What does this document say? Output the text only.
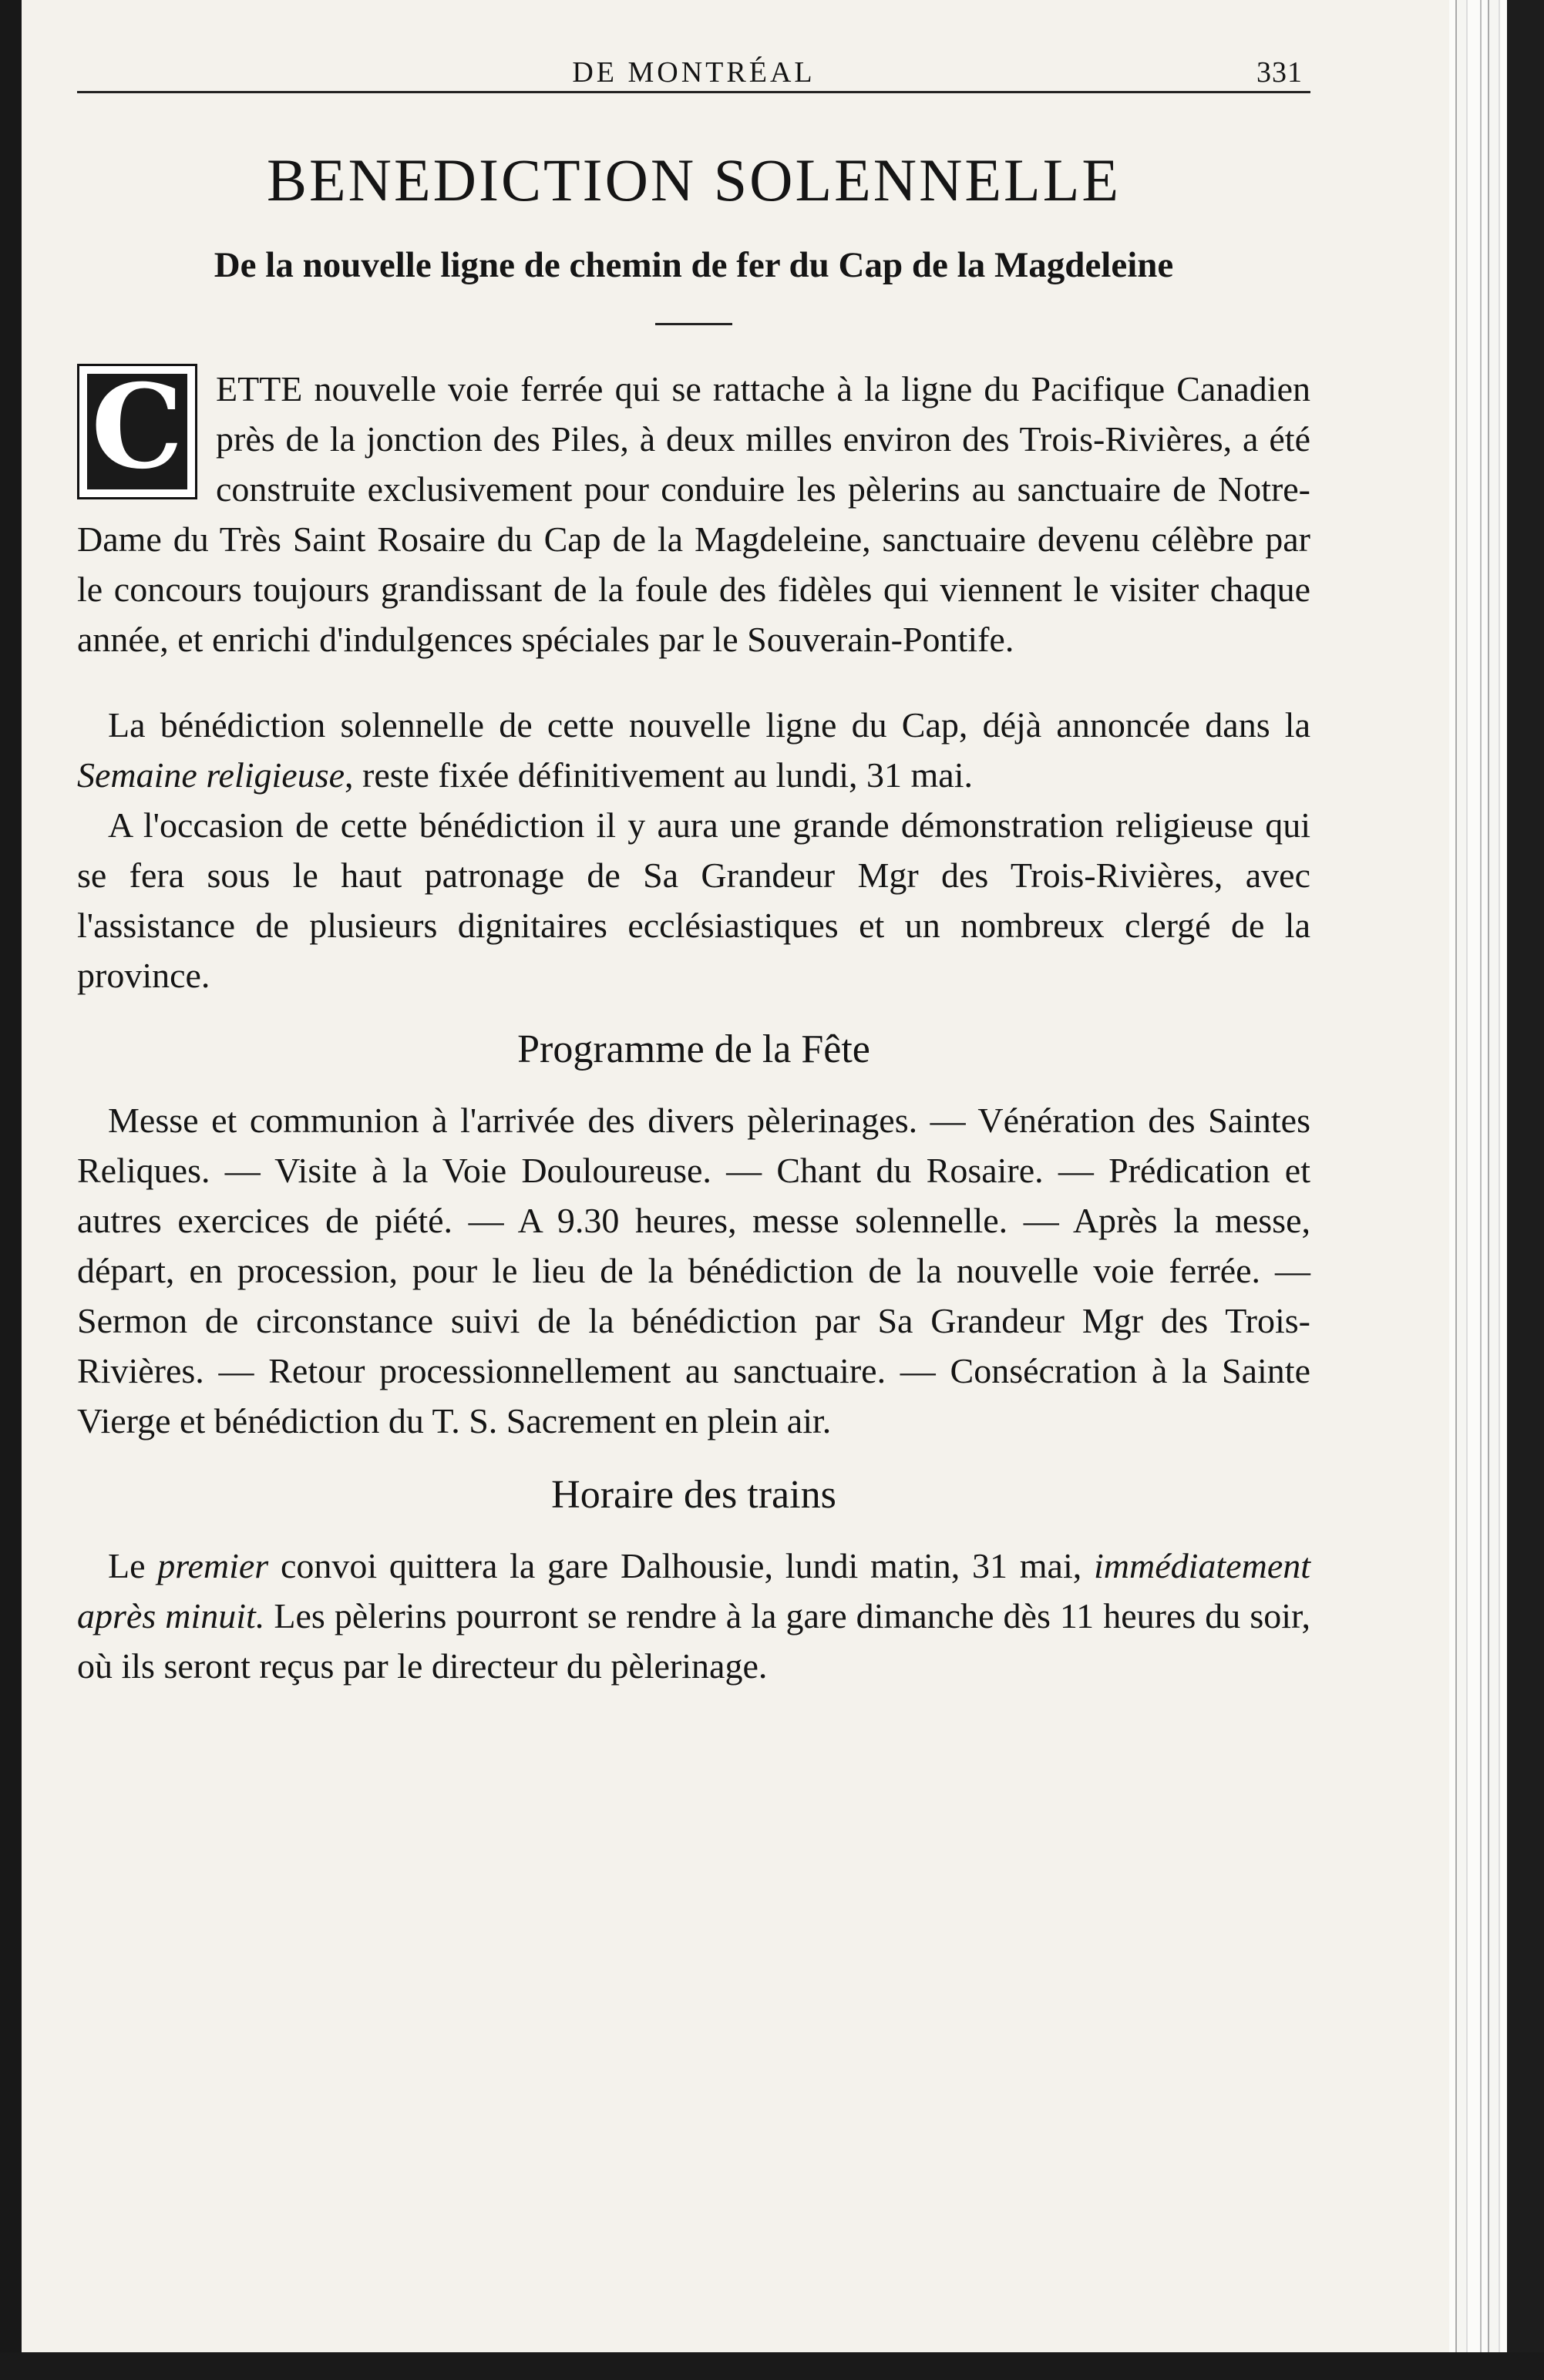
DE MONTRÉAL	331
BENEDICTION SOLENNELLE
De la nouvelle ligne de chemin de fer du Cap de la Magdeleine

C ETTE nouvelle voie ferrée qui se rattache à la ligne du Pacifique Canadien près de la jonction des Piles, à deux milles environ des Trois-Rivières, a été construite exclusivement pour conduire les pèlerins au sanctuaire de Notre-Dame du Très Saint Rosaire du Cap de la Magdeleine, sanctuaire devenu célèbre par le concours toujours grandissant de la foule des fidèles qui viennent le visiter chaque année, et enrichi d'indulgences spéciales par le Souverain-Pontife.

La bénédiction solennelle de cette nouvelle ligne du Cap, déjà annoncée dans la Semaine religieuse, reste fixée définitivement au lundi, 31 mai.

A l'occasion de cette bénédiction il y aura une grande démonstration religieuse qui se fera sous le haut patronage de Sa Grandeur Mgr des Trois-Rivières, avec l'assistance de plusieurs dignitaires ecclésiastiques et un nombreux clergé de la province.

Programme de la Fête

Messe et communion à l'arrivée des divers pèlerinages. — Vénération des Saintes Reliques. — Visite à la Voie Douloureuse. — Chant du Rosaire. — Prédication et autres exercices de piété. — A 9.30 heures, messe solennelle. — Après la messe, départ, en procession, pour le lieu de la bénédiction de la nouvelle voie ferrée. — Sermon de circonstance suivi de la bénédiction par Sa Grandeur Mgr des Trois-Rivières. — Retour processionnellement au sanctuaire. — Consécration à la Sainte Vierge et bénédiction du T. S. Sacrement en plein air.

Horaire des trains

Le premier convoi quittera la gare Dalhousie, lundi matin, 31 mai, immédiatement après minuit. Les pèlerins pourront se rendre à la gare dimanche dès 11 heures du soir, où ils seront reçus par le directeur du pèlerinage.
